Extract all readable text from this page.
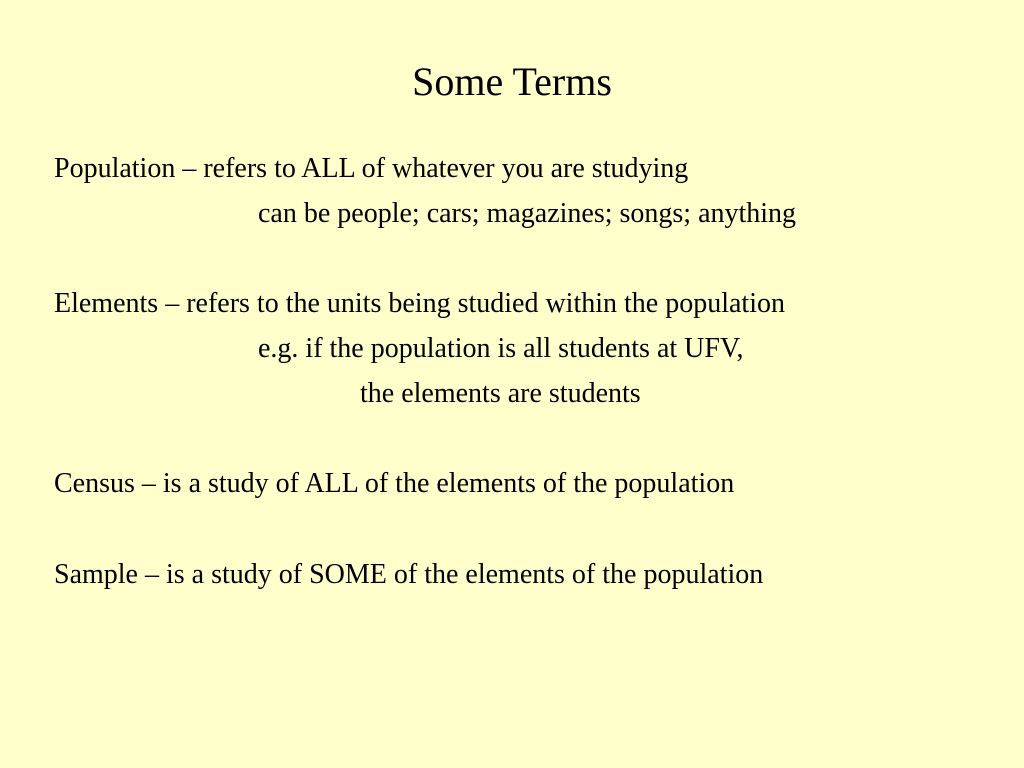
Some Terms
Population – refers to ALL of whatever you are studying
can be people; cars; magazines; songs; anything
Elements – refers to the units being studied within the population
e.g. if the population is all students at UFV,
the elements are students
Census – is a study of ALL of the elements of the population
Sample – is a study of SOME of the elements of the population
